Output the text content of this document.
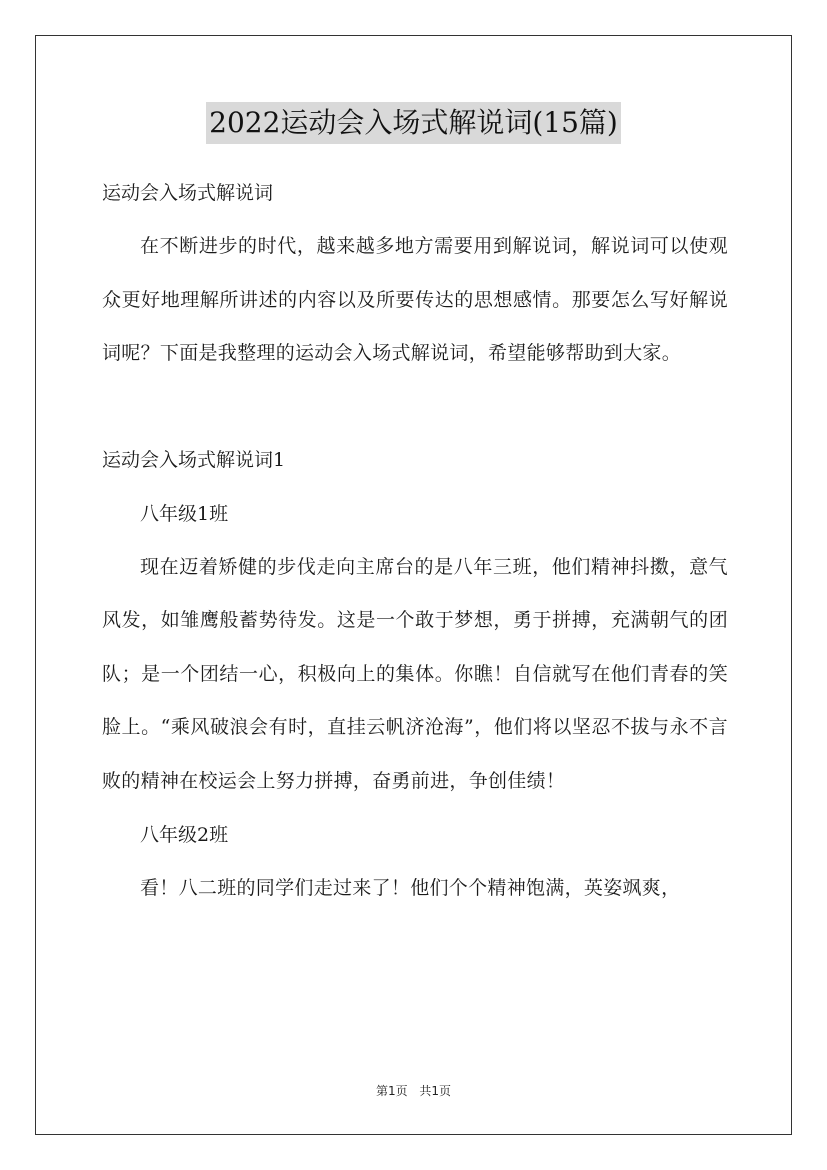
2022运动会入场式解说词(15篇)

运动会入场式解说词

在不断进步的时代，越来越多地方需要用到解说词，解说词可以使观众更好地理解所讲述的内容以及所要传达的思想感情。那要怎么写好解说词呢？下面是我整理的运动会入场式解说词，希望能够帮助到大家。

运动会入场式解说词1

八年级1班

现在迈着矫健的步伐走向主席台的是八年三班，他们精神抖擞，意气风发，如雏鹰般蓄势待发。这是一个敢于梦想，勇于拼搏，充满朝气的团队；是一个团结一心，积极向上的集体。你瞧！自信就写在他们青春的笑脸上。“乘风破浪会有时，直挂云帆济沧海”，他们将以坚忍不拔与永不言败的精神在校运会上努力拼搏，奋勇前进，争创佳绩！

八年级2班

看！八二班的同学们走过来了！他们个个精神饱满，英姿飒爽，

第1页 共1页
